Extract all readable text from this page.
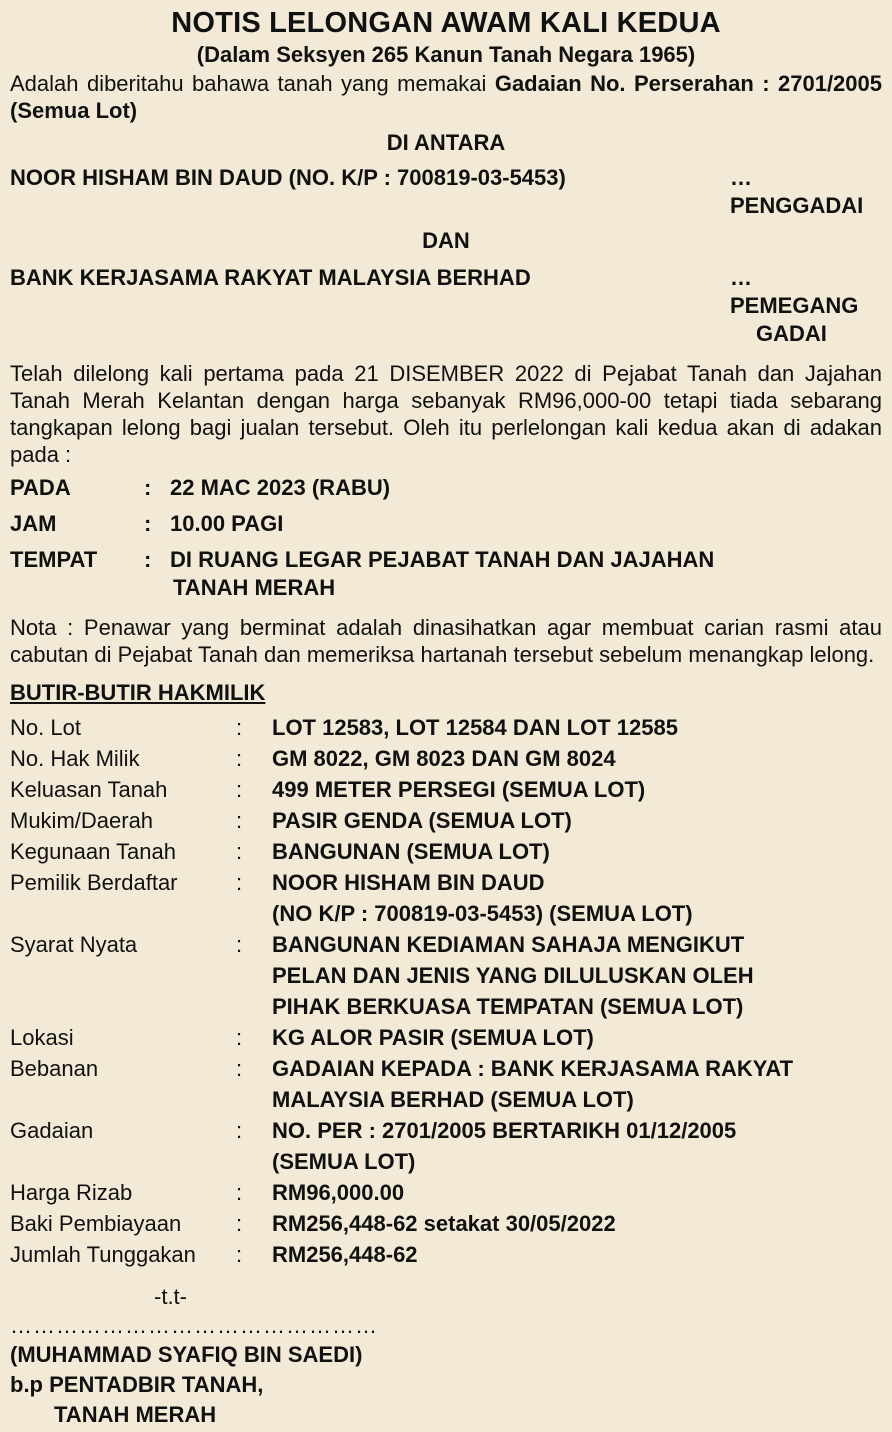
NOTIS LELONGAN AWAM KALI KEDUA
(Dalam Seksyen 265 Kanun Tanah Negara 1965)

Adalah diberitahu bahawa tanah yang memakai Gadaian No. Perserahan : 2701/2005 (Semua Lot)

DI ANTARA
NOOR HISHAM BIN DAUD (NO. K/P : 700819-03-5453)	…PENGGADAI
DAN
BANK KERJASAMA RAKYAT MALAYSIA BERHAD	…PEMEGANG
GADAI

Telah dilelong kali pertama pada 21 DISEMBER 2022 di Pejabat Tanah dan Jajahan Tanah Merah Kelantan dengan harga sebanyak RM96,000-00 tetapi tiada sebarang tangkapan lelong bagi jualan tersebut. Oleh itu perlelongan kali kedua akan di adakan pada :

PADA	: 22 MAC 2023 (RABU)
JAM	: 10.00 PAGI
TEMPAT	: DI RUANG LEGAR PEJABAT TANAH DAN JAJAHAN
TANAH MERAH

Nota : Penawar yang berminat adalah dinasihatkan agar membuat carian rasmi atau cabutan di Pejabat Tanah dan memeriksa hartanah tersebut sebelum menangkap lelong.

BUTIR-BUTIR HAKMILIK
No. Lot	:	LOT 12583, LOT 12584 DAN LOT 12585
No. Hak Milik	:	GM 8022, GM 8023 DAN GM 8024
Keluasan Tanah	:	499 METER PERSEGI (SEMUA LOT)
Mukim/Daerah	:	PASIR GENDA (SEMUA LOT)
Kegunaan Tanah	:	BANGUNAN (SEMUA LOT)
Pemilik Berdaftar	:	NOOR HISHAM BIN DAUD
(NO K/P : 700819-03-5453) (SEMUA LOT)
Syarat Nyata	:	BANGUNAN KEDIAMAN SAHAJA MENGIKUT
PELAN DAN JENIS YANG DILULUSKAN OLEH
PIHAK BERKUASA TEMPATAN (SEMUA LOT)
Lokasi	:	KG ALOR PASIR (SEMUA LOT)
Bebanan	:	GADAIAN KEPADA : BANK KERJASAMA RAKYAT
MALAYSIA BERHAD (SEMUA LOT)
Gadaian	:	NO. PER : 2701/2005 BERTARIKH 01/12/2005
(SEMUA LOT)
Harga Rizab	:	RM96,000.00
Baki Pembiayaan	:	RM256,448-62 setakat 30/05/2022
Jumlah Tunggakan	:	RM256,448-62
-t.t-
…………………………………………
(MUHAMMAD SYAFIQ BIN SAEDI)
b.p PENTADBIR TANAH,
TANAH MERAH
